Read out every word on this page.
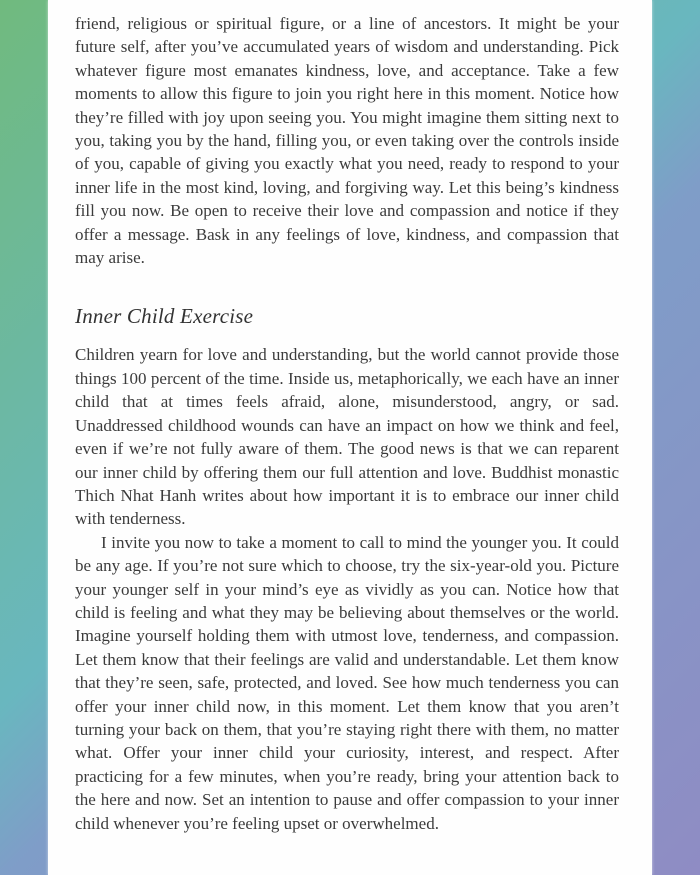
friend, religious or spiritual figure, or a line of ancestors. It might be your future self, after you’ve accumulated years of wisdom and understanding. Pick whatever figure most emanates kindness, love, and acceptance. Take a few moments to allow this figure to join you right here in this moment. Notice how they’re filled with joy upon seeing you. You might imagine them sitting next to you, taking you by the hand, filling you, or even taking over the controls inside of you, capable of giving you exactly what you need, ready to respond to your inner life in the most kind, loving, and forgiving way. Let this being’s kindness fill you now. Be open to receive their love and compassion and notice if they offer a message. Bask in any feelings of love, kindness, and compassion that may arise.

Inner Child Exercise

Children yearn for love and understanding, but the world cannot provide those things 100 percent of the time. Inside us, metaphorically, we each have an inner child that at times feels afraid, alone, misunderstood, angry, or sad. Unaddressed childhood wounds can have an impact on how we think and feel, even if we’re not fully aware of them. The good news is that we can reparent our inner child by offering them our full attention and love. Buddhist monastic Thich Nhat Hanh writes about how important it is to embrace our inner child with tenderness.

I invite you now to take a moment to call to mind the younger you. It could be any age. If you’re not sure which to choose, try the six-year-old you. Picture your younger self in your mind’s eye as vividly as you can. Notice how that child is feeling and what they may be believing about themselves or the world. Imagine yourself holding them with utmost love, tenderness, and compassion. Let them know that their feelings are valid and understandable. Let them know that they’re seen, safe, protected, and loved. See how much tenderness you can offer your inner child now, in this moment. Let them know that you aren’t turning your back on them, that you’re staying right there with them, no matter what. Offer your inner child your curiosity, interest, and respect. After practicing for a few minutes, when you’re ready, bring your attention back to the here and now. Set an intention to pause and offer compassion to your inner child whenever you’re feeling upset or overwhelmed.
